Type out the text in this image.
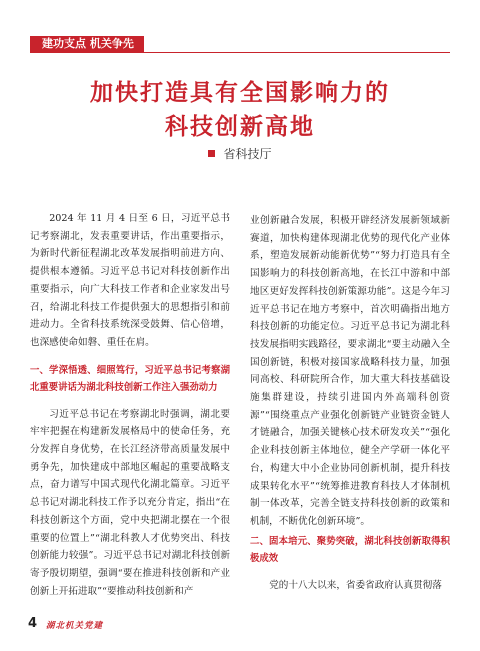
建功支点 机关争先
加快打造具有全国影响力的
科技创新高地
省科技厅

2024 年 11 月 4 日至 6 日，习近平总书记考察湖北，发表重要讲话，作出重要指示，为新时代新征程湖北改革发展指明前进方向、提供根本遵循。习近平总书记对科技创新作出重要指示，向广大科技工作者和企业家发出号召，给湖北科技工作提供强大的思想指引和前进动力。全省科技系统深受鼓舞、信心倍增，也深感使命如磐、重任在肩。

一、学深悟透、细照笃行，习近平总书记考察湖北重要讲话为湖北科技创新工作注入强劲动力

习近平总书记在考察湖北时强调，湖北要牢牢把握在构建新发展格局中的使命任务，充分发挥自身优势，在长江经济带高质量发展中勇争先，加快建成中部地区崛起的重要战略支点，奋力谱写中国式现代化湖北篇章。习近平总书记对湖北科技工作予以充分肯定，指出“在科技创新这个方面，党中央把湖北摆在一个很重要的位置上”“湖北科教人才优势突出、科技创新能力较强”。习近平总书记对湖北科技创新寄予殷切期望，强调“要在推进科技创新和产业创新上开拓进取”“要推动科技创新和产

业创新融合发展，积极开辟经济发展新领域新赛道，加快构建体现湖北优势的现代化产业体系，塑造发展新动能新优势”“努力打造具有全国影响力的科技创新高地，在长江中游和中部地区更好发挥科技创新策源功能”。这是今年习近平总书记在地方考察中，首次明确指出地方科技创新的功能定位。习近平总书记为湖北科技发展指明实践路径，要求湖北“要主动融入全国创新链，积极对接国家战略科技力量，加强同高校、科研院所合作，加大重大科技基础设施集群建设，持续引进国内外高端科创资源”“围绕重点产业强化创新链产业链资金链人才链融合，加强关键核心技术研发攻关”“强化企业科技创新主体地位，健全产学研一体化平台，构建大中小企业协同创新机制，提升科技成果转化水平”“统筹推进教育科技人才体制机制一体改革，完善全链支持科技创新的政策和机制，不断优化创新环境”。

二、固本培元、聚势突破，湖北科技创新取得积极成效

党的十八大以来，省委省政府认真贯彻落

4 湖北机关党建
